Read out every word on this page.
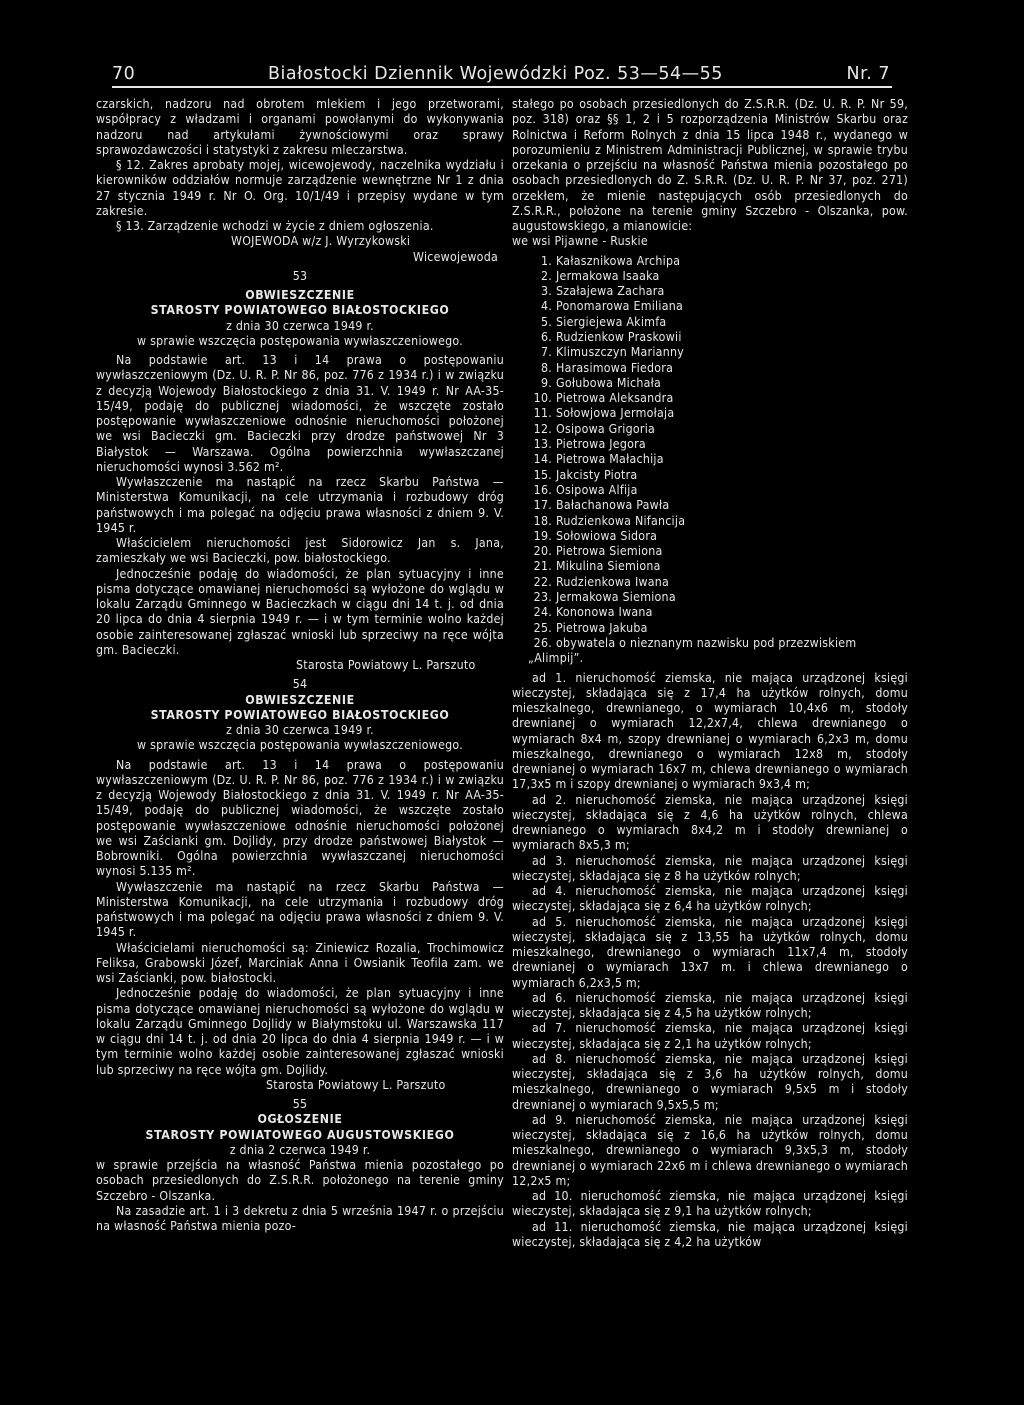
70	Białostocki Dziennik Wojewódzki Poz. 53—54—55	Nr. 7

czarskich, nadzoru nad obrotem mlekiem i jego przetworami, współpracy z władzami i organami powołanymi do wykonywania nadzoru nad artykułami żywnościowymi oraz sprawy sprawozdawczości i statystyki z zakresu mleczarstwa.

§ 12. Zakres aprobaty mojej, wicewojewody, naczelnika wydziału i kierowników oddziałów normuje zarządzenie wewnętrzne Nr 1 z dnia 27 stycznia 1949 r. Nr O. Org. 10/1/49 i przepisy wydane w tym zakresie.

§ 13. Zarządzenie wchodzi w życie z dniem ogłoszenia.

WOJEWODA w/z J. Wyrzykowski

Wicewojewoda

53

OBWIESZCZENIE

STAROSTY POWIATOWEGO BIAŁOSTOCKIEGO

z dnia 30 czerwca 1949 r.

w sprawie wszczęcia postępowania wywłaszczeniowego.

Na podstawie art. 13 i 14 prawa o postępowaniu wywłaszczeniowym (Dz. U. R. P. Nr 86, poz. 776 z 1934 r.) i w związku z decyzją Wojewody Białostockiego z dnia 31. V. 1949 r. Nr AA-35-15/49, podaję do publicznej wiadomości, że wszczęte zostało postępowanie wywłaszczeniowe odnośnie nieruchomości położonej we wsi Bacieczki gm. Bacieczki przy drodze państwowej Nr 3 Białystok — Warszawa. Ogólna powierzchnia wywłaszczanej nieruchomości wynosi 3.562 m².

Wywłaszczenie ma nastąpić na rzecz Skarbu Państwa — Ministerstwa Komunikacji, na cele utrzymania i rozbudowy dróg państwowych i ma polegać na odjęciu prawa własności z dniem 9. V. 1945 r.

Właścicielem nieruchomości jest Sidorowicz Jan s. Jana, zamieszkały we wsi Bacieczki, pow. białostockiego.

Jednocześnie podaję do wiadomości, że plan sytuacyjny i inne pisma dotyczące omawianej nieruchomości są wyłożone do wglądu w lokalu Zarządu Gminnego w Bacieczkach w ciągu dni 14 t. j. od dnia 20 lipca do dnia 4 sierpnia 1949 r. — i w tym terminie wolno każdej osobie zainteresowanej zgłaszać wnioski lub sprzeciwy na ręce wójta gm. Bacieczki.

Starosta Powiatowy L. Parszuto

54

OBWIESZCZENIE

STAROSTY POWIATOWEGO BIAŁOSTOCKIEGO

z dnia 30 czerwca 1949 r.

w sprawie wszczęcia postępowania wywłaszczeniowego.

Na podstawie art. 13 i 14 prawa o postępowaniu wywłaszczeniowym (Dz. U. R. P. Nr 86, poz. 776 z 1934 r.) i w związku z decyzją Wojewody Białostockiego z dnia 31. V. 1949 r. Nr AA-35-15/49, podaję do publicznej wiadomości, że wszczęte zostało postępowanie wywłaszczeniowe odnośnie nieruchomości położonej we wsi Zaścianki gm. Dojlidy, przy drodze państwowej Białystok — Bobrowniki. Ogólna powierzchnia wywłaszczanej nieruchomości wynosi 5.135 m².

Wywłaszczenie ma nastąpić na rzecz Skarbu Państwa — Ministerstwa Komunikacji, na cele utrzymania i rozbudowy dróg państwowych i ma polegać na odjęciu prawa własności z dniem 9. V. 1945 r.

Właścicielami nieruchomości są: Ziniewicz Rozalia, Trochimowicz Feliksa, Grabowski Józef, Marciniak Anna i Owsianik Teofila zam. we wsi Zaścianki, pow. białostocki.

Jednocześnie podaję do wiadomości, że plan sytuacyjny i inne pisma dotyczące omawianej nieruchomości są wyłożone do wglądu w lokalu Zarządu Gminnego Dojlidy w Białymstoku ul. Warszawska 117 w ciągu dni 14 t. j. od dnia 20 lipca do dnia 4 sierpnia 1949 r. — i w tym terminie wolno każdej osobie zainteresowanej zgłaszać wnioski lub sprzeciwy na ręce wójta gm. Dojlidy.

Starosta Powiatowy L. Parszuto

55

OGŁOSZENIE

STAROSTY POWIATOWEGO AUGUSTOWSKIEGO

z dnia 2 czerwca 1949 r.

w sprawie przejścia na własność Państwa mienia pozostałego po osobach przesiedlonych do Z.S.R.R. położonego na terenie gminy Szczebro - Olszanka.

Na zasadzie art. 1 i 3 dekretu z dnia 5 września 1947 r. o przejściu na własność Państwa mienia pozo-

stałego po osobach przesiedlonych do Z.S.R.R. (Dz. U. R. P. Nr 59, poz. 318) oraz §§ 1, 2 i 5 rozporządzenia Ministrów Skarbu oraz Rolnictwa i Reform Rolnych z dnia 15 lipca 1948 r., wydanego w porozumieniu z Ministrem Administracji Publicznej, w sprawie trybu orzekania o przejściu na własność Państwa mienia pozostałego po osobach przesiedlonych do Z. S.R.R. (Dz. U. R. P. Nr 37, poz. 271) orzekłem, że mienie następujących osób przesiedlonych do Z.S.R.R., położone na terenie gminy Szczebro - Olszanka, pow. augustowskiego, a mianowicie:

we wsi Pijawne - Ruskie

1. Kałasznikowa Archipa
2. Jermakowa Isaaka
3. Szałajewa Zachara
4. Ponomarowa Emiliana
5. Siergiejewa Akimfa
6. Rudzienkow Praskowii
7. Klimuszczyn Marianny
8. Harasimowa Fiedora
9. Gołubowa Michała
10. Pietrowa Aleksandra
11. Sołowjowa Jermołaja
12. Osipowa Grigoria
13. Pietrowa Jegora
14. Pietrowa Małachija
15. Jakcisty Piotra
16. Osipowa Alfija
17. Bałachanowa Pawła
18. Rudzienkowa Nifancija
19. Sołowiowa Sidora
20. Pietrowa Siemiona
21. Mikulina Siemiona
22. Rudzienkowa Iwana
23. Jermakowa Siemiona
24. Kononowa Iwana
25. Pietrowa Jakuba
26. obywatela o nieznanym nazwisku pod przezwiskiem „Alimpij”.

ad 1. nieruchomość ziemska, nie mająca urządzonej księgi wieczystej, składająca się z 17,4 ha użytków rolnych, domu mieszkalnego, drewnianego, o wymiarach 10,4x6 m, stodoły drewnianej o wymiarach 12,2x7,4, chlewa drewnianego o wymiarach 8x4 m, szopy drewnianej o wymiarach 6,2x3 m, domu mieszkalnego, drewnianego o wymiarach 12x8 m, stodoły drewnianej o wymiarach 16x7 m, chlewa drewnianego o wymiarach 17,3x5 m i szopy drewnianej o wymiarach 9x3,4 m;

ad 2. nieruchomość ziemska, nie mająca urządzonej księgi wieczystej, składająca się z 4,6 ha użytków rolnych, chlewa drewnianego o wymiarach 8x4,2 m i stodoły drewnianej o wymiarach 8x5,3 m;

ad 3. nieruchomość ziemska, nie mająca urządzonej księgi wieczystej, składająca się z 8 ha użytków rolnych;

ad 4. nieruchomość ziemska, nie mająca urządzonej księgi wieczystej, składająca się z 6,4 ha użytków rolnych;

ad 5. nieruchomość ziemska, nie mająca urządzonej księgi wieczystej, składająca się z 13,55 ha użytków rolnych, domu mieszkalnego, drewnianego o wymiarach 11x7,4 m, stodoły drewnianej o wymiarach 13x7 m. i chlewa drewnianego o wymiarach 6,2x3,5 m;

ad 6. nieruchomość ziemska, nie mająca urządzonej księgi wieczystej, składająca się z 4,5 ha użytków rolnych;

ad 7. nieruchomość ziemska, nie mająca urządzonej księgi wieczystej, składająca się z 2,1 ha użytków rolnych;

ad 8. nieruchomość ziemska, nie mająca urządzonej księgi wieczystej, składająca się z 3,6 ha użytków rolnych, domu mieszkalnego, drewnianego o wymiarach 9,5x5 m i stodoły drewnianej o wymiarach 9,5x5,5 m;

ad 9. nieruchomość ziemska, nie mająca urządzonej księgi wieczystej, składająca się z 16,6 ha użytków rolnych, domu mieszkalnego, drewnianego o wymiarach 9,3x5,3 m, stodoły drewnianej o wymiarach 22x6 m i chlewa drewnianego o wymiarach 12,2x5 m;

ad 10. nieruchomość ziemska, nie mająca urządzonej księgi wieczystej, składająca się z 9,1 ha użytków rolnych;

ad 11. nieruchomość ziemska, nie mająca urządzonej księgi wieczystej, składająca się z 4,2 ha użytków
